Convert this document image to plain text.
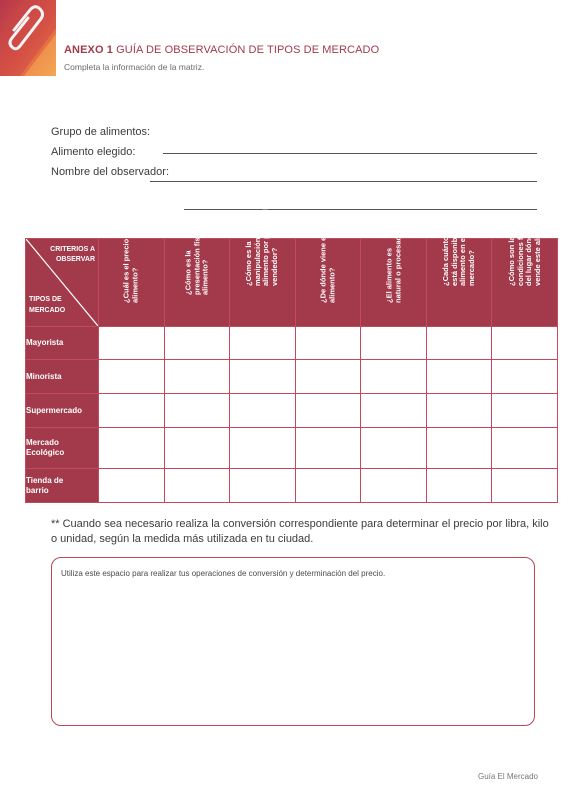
ANEXO 1 GUÍA DE OBSERVACIÓN DE TIPOS DE MERCADO
Completa la información de la matriz.
Grupo de alimentos:
Alimento elegido:
Nombre del observador:
CRITERIOS A OBSERVAR
TIPOS DE MERCADO	¿Cuál es el precio del alimento?	¿Cómo es la presentación física del alimento?	¿Cómo es la manipulación del alimento por parte del vendedor?	¿De dónde viene ese alimento?	¿El alimento es natural o procesado?	¿Cada cuánto tiempo está disponible ese alimento en el mercado?	¿Cómo son las condiciones físicas del lugar dónde se vende este alimento?

Mayorista							
Minorista							
Supermercado							
Mercado Ecológico							
Tienda de barrio							
** Cuando sea necesario realiza la conversión correspondiente para determinar el precio por libra, kilo o unidad, según la medida más utilizada en tu ciudad.
Utiliza este espacio para realizar tus operaciones de conversión y determinación del precio.
Guía El Mercado
